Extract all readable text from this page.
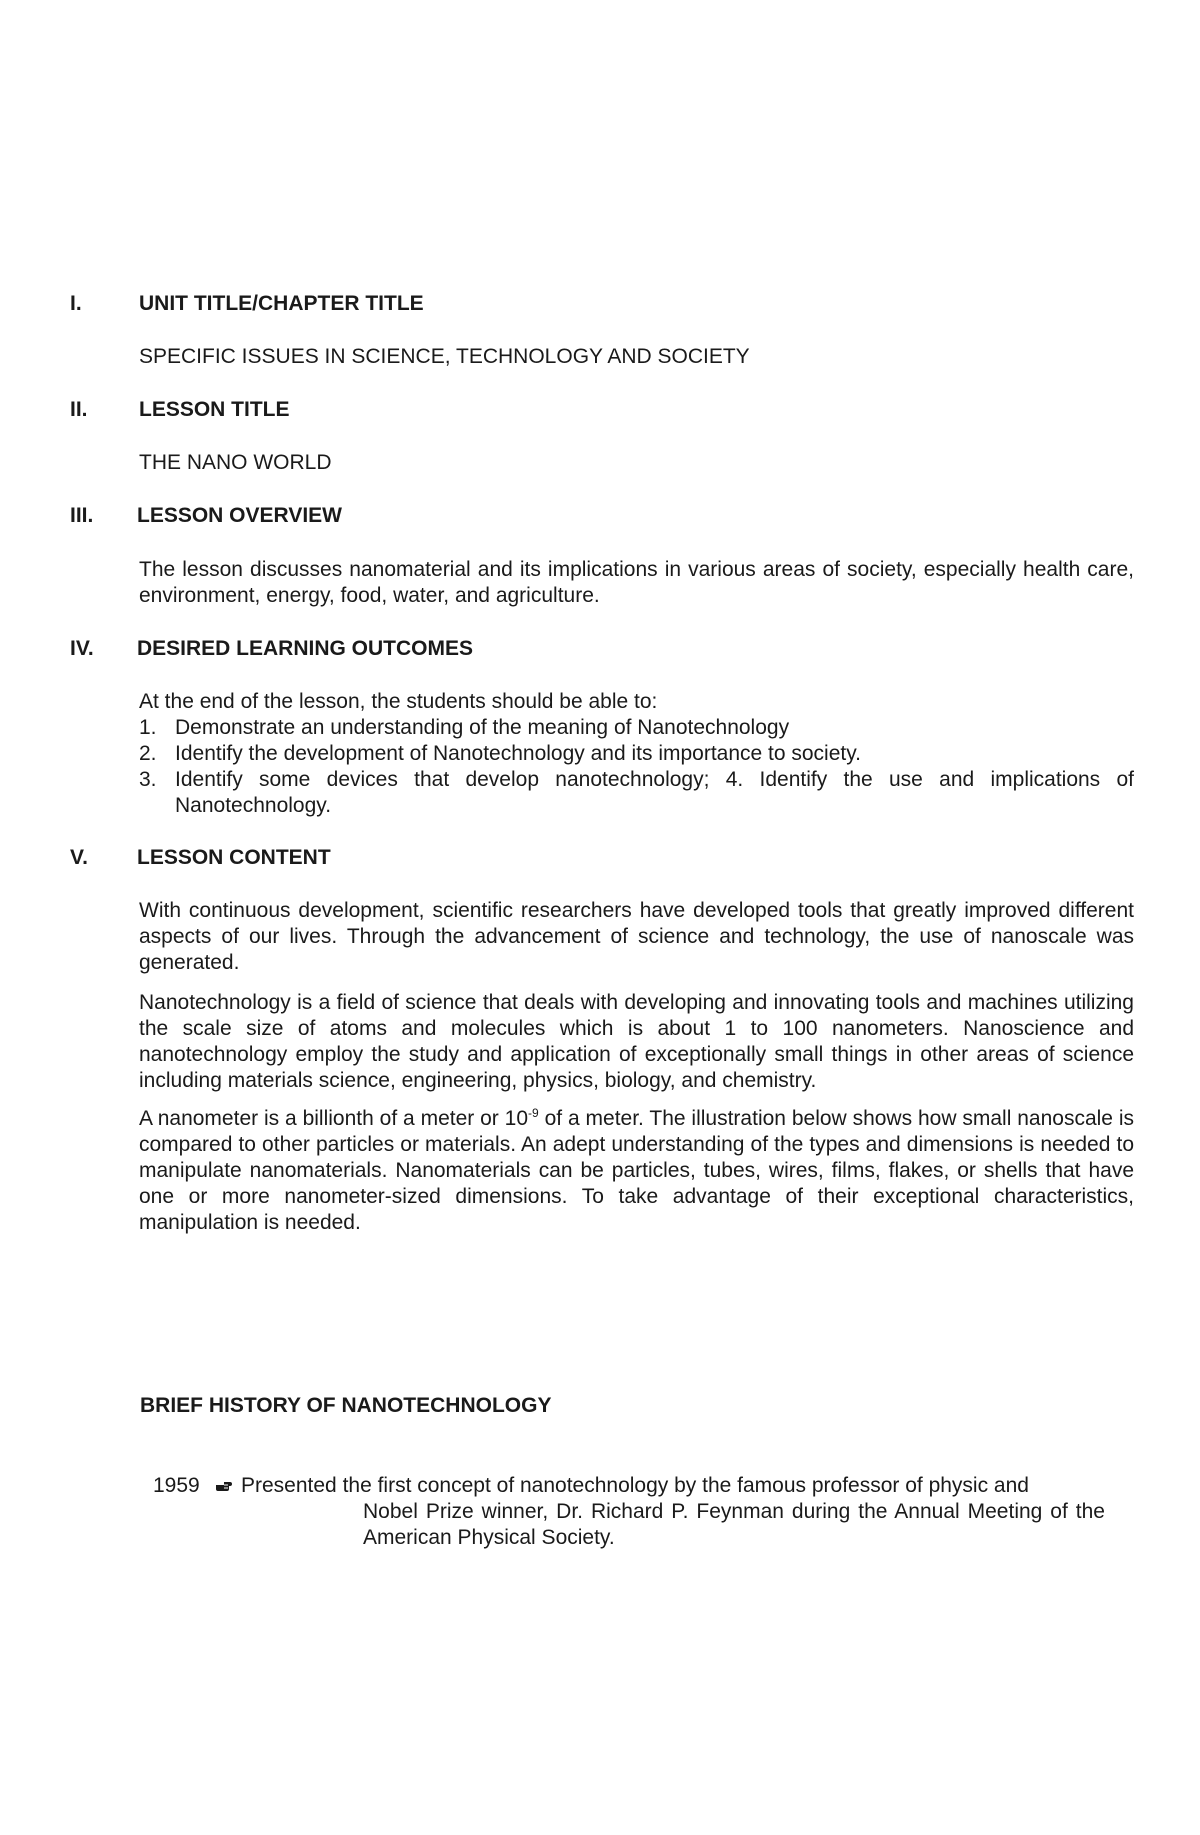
I.	UNIT TITLE/CHAPTER TITLE
SPECIFIC ISSUES IN SCIENCE, TECHNOLOGY AND SOCIETY
II. LESSON TITLE
THE NANO WORLD
III. LESSON OVERVIEW
The lesson discusses nanomaterial and its implications in various areas of society, especially health care, environment, energy, food, water, and agriculture.
IV. DESIRED LEARNING OUTCOMES
At the end of the lesson, the students should be able to:
1. Demonstrate an understanding of the meaning of Nanotechnology
2. Identify the development of Nanotechnology and its importance to society.
3. Identify some devices that develop nanotechnology; 4. Identify the use and implications of Nanotechnology.
V. LESSON CONTENT
With continuous development, scientific researchers have developed tools that greatly improved different aspects of our lives. Through the advancement of science and technology, the use of nanoscale was generated.
Nanotechnology is a field of science that deals with developing and innovating tools and machines utilizing the scale size of atoms and molecules which is about 1 to 100 nanometers. Nanoscience and nanotechnology employ the study and application of exceptionally small things in other areas of science including materials science, engineering, physics, biology, and chemistry.
A nanometer is a billionth of a meter or $10^{-9}$ of a meter. The illustration below shows how small nanoscale is compared to other particles or materials. An adept understanding of the types and dimensions is needed to manipulate nanomaterials. Nanomaterials can be particles, tubes, wires, films, flakes, or shells that have one or more nanometer-sized dimensions. To take advantage of their exceptional characteristics, manipulation is needed.
BRIEF HISTORY OF NANOTECHNOLOGY
1959 Presented the first concept of nanotechnology by the famous professor of physic and
Nobel Prize winner, Dr. Richard P. Feynman during the Annual Meeting of the American Physical Society.
